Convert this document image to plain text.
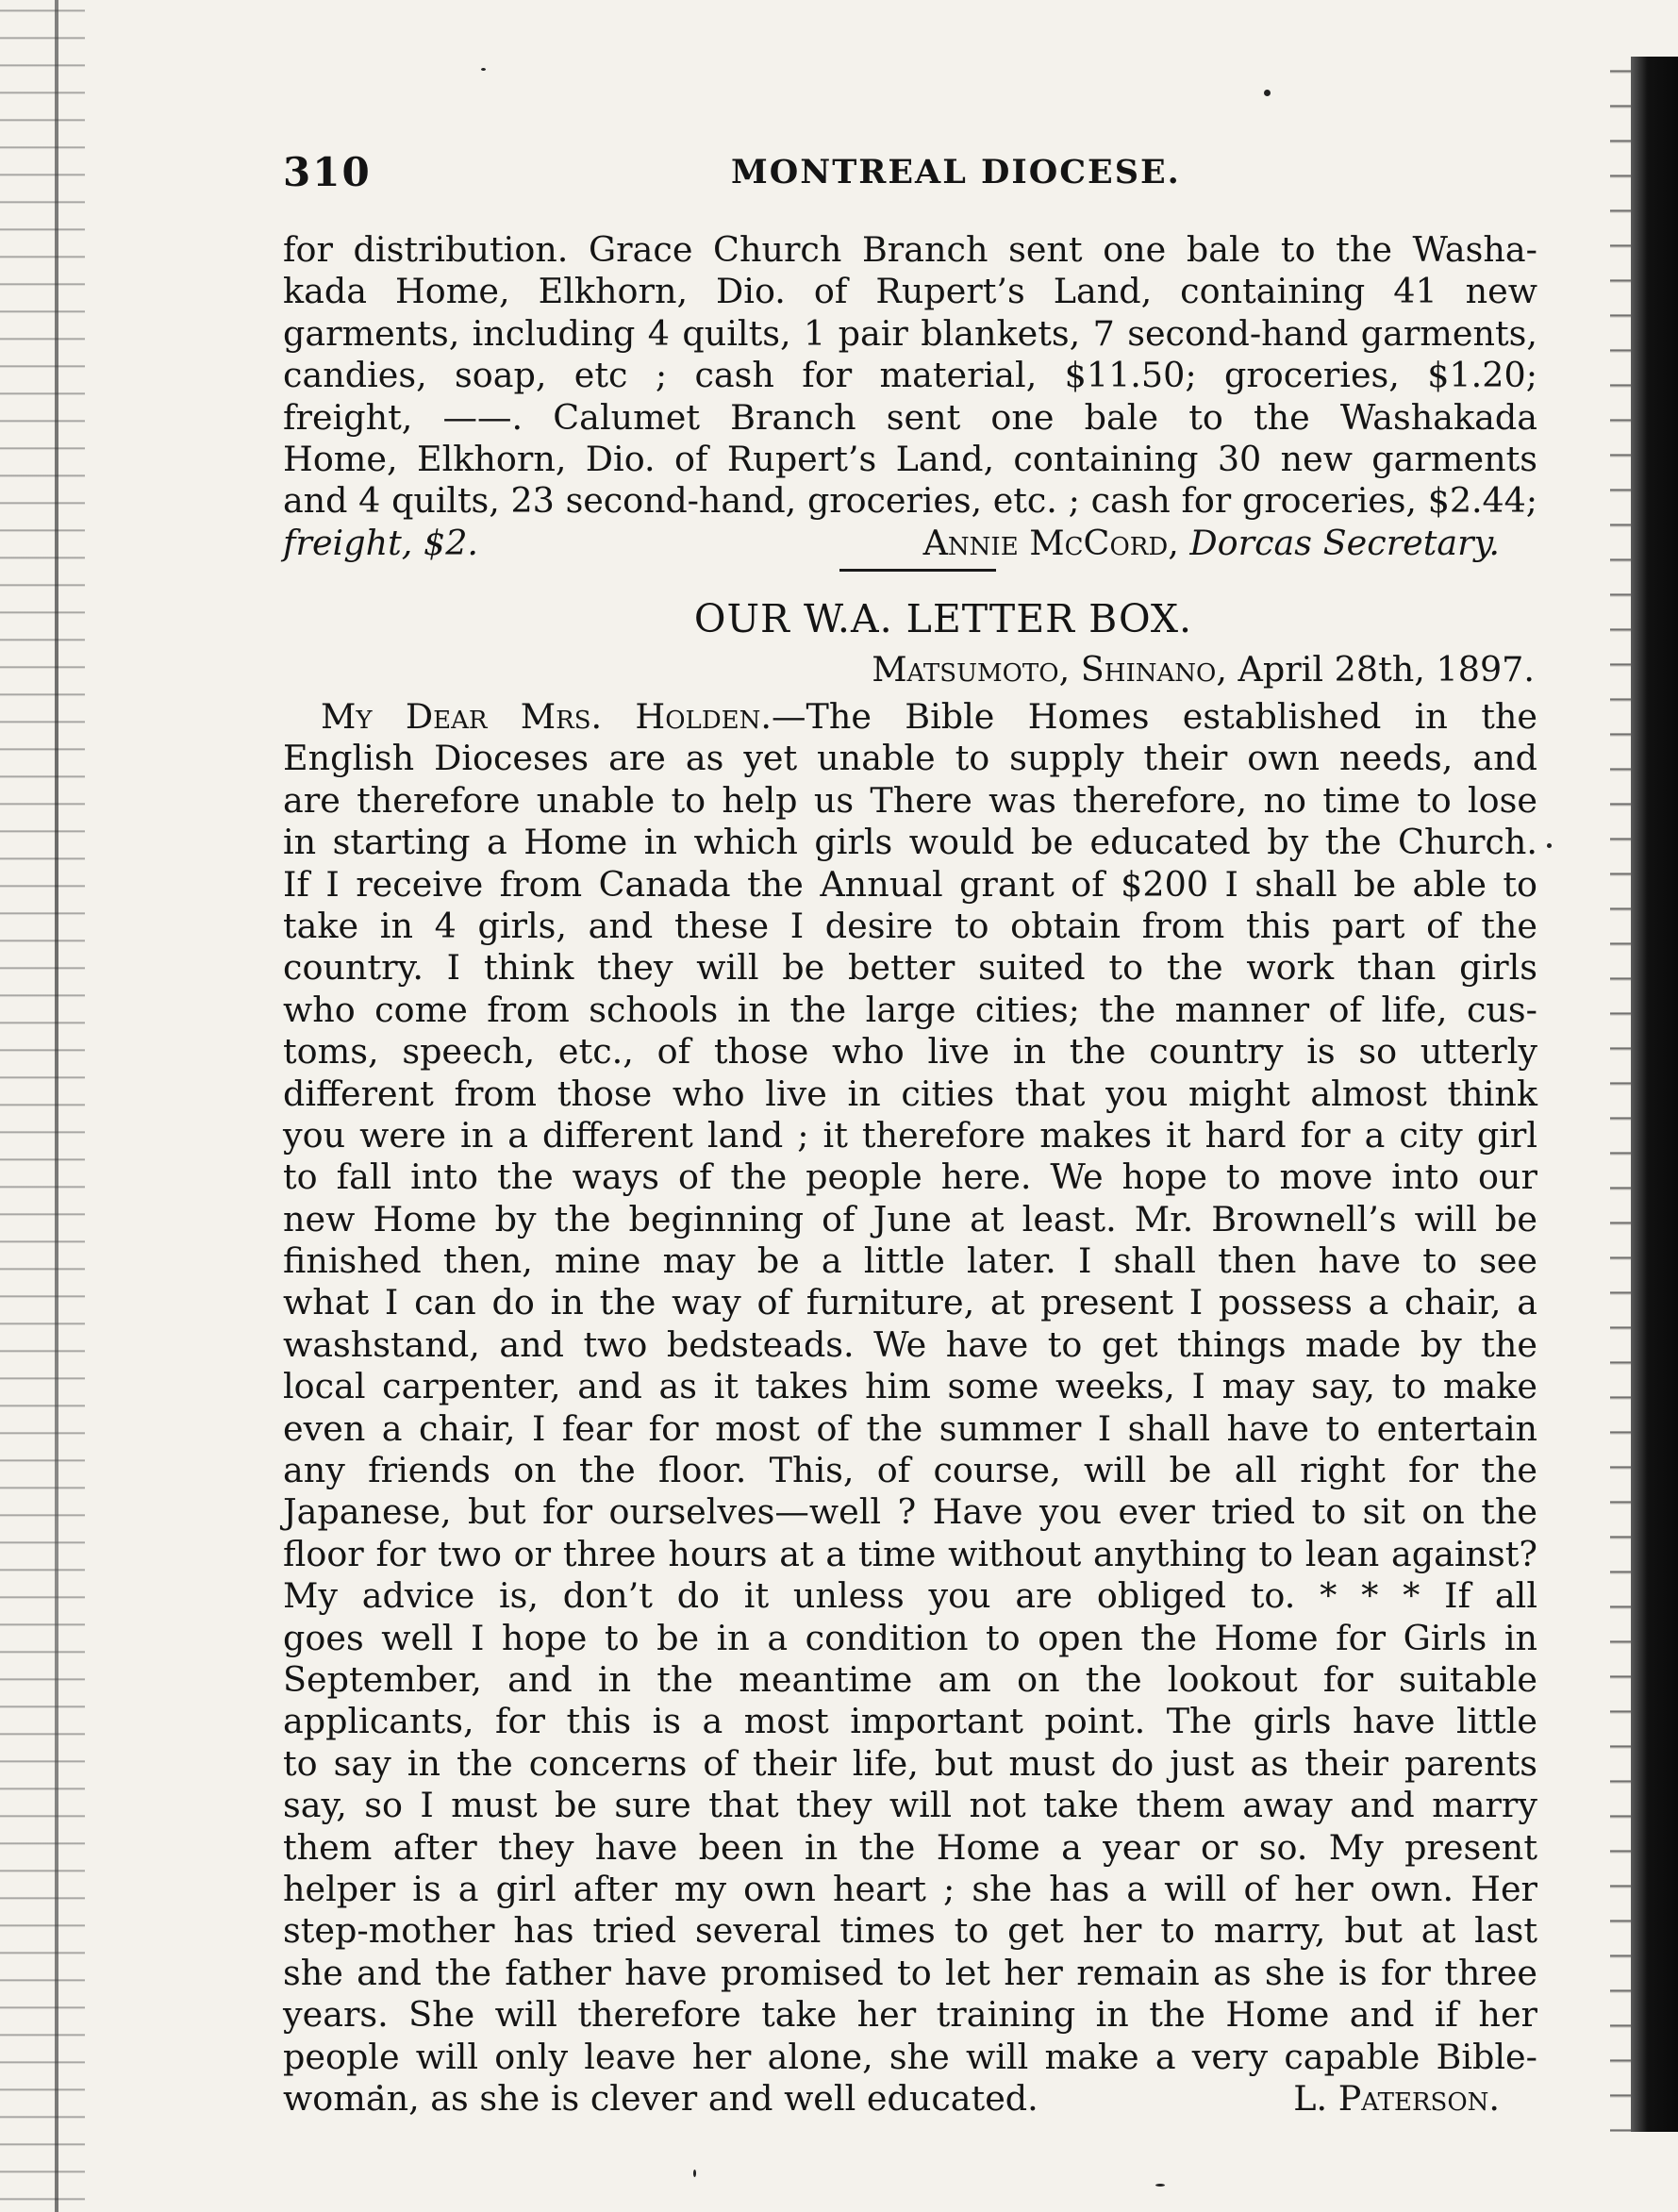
310	MONTREAL DIOCESE.
for distribution. Grace Church Branch sent one bale to the Washa-
kada Home, Elkhorn, Dio. of Rupert’s Land, containing 41 new
garments, including 4 quilts, 1 pair blankets, 7 second-hand garments,
candies, soap, etc ; cash for material, $11.50; groceries, $1.20;
freight, ——. Calumet Branch sent one bale to the Washakada
Home, Elkhorn, Dio. of Rupert’s Land, containing 30 new garments
and 4 quilts, 23 second-hand, groceries, etc. ; cash for groceries, $2.44;
freight, $2.	Annie McCord, Dorcas Secretary.
OUR W.A. LETTER BOX.
Matsumoto, Shinano, April 28th, 1897.
My Dear Mrs. Holden.—The Bible Homes established in the
English Dioceses are as yet unable to supply their own needs, and
are therefore unable to help us There was therefore, no time to lose
in starting a Home in which girls would be educated by the Church.
If I receive from Canada the Annual grant of $200 I shall be able to
take in 4 girls, and these I desire to obtain from this part of the
country. I think they will be better suited to the work than girls
who come from schools in the large cities; the manner of life, cus-
toms, speech, etc., of those who live in the country is so utterly
different from those who live in cities that you might almost think
you were in a different land ; it therefore makes it hard for a city girl
to fall into the ways of the people here. We hope to move into our
new Home by the beginning of June at least. Mr. Brownell’s will be
finished then, mine may be a little later. I shall then have to see
what I can do in the way of furniture, at present I possess a chair, a
washstand, and two bedsteads. We have to get things made by the
local carpenter, and as it takes him some weeks, I may say, to make
even a chair, I fear for most of the summer I shall have to entertain
any friends on the floor. This, of course, will be all right for the
Japanese, but for ourselves—well ? Have you ever tried to sit on the
floor for two or three hours at a time without anything to lean against?
My advice is, don’t do it unless you are obliged to. * * * If all
goes well I hope to be in a condition to open the Home for Girls in
September, and in the meantime am on the lookout for suitable
applicants, for this is a most important point. The girls have little
to say in the concerns of their life, but must do just as their parents
say, so I must be sure that they will not take them away and marry
them after they have been in the Home a year or so. My present
helper is a girl after my own heart ; she has a will of her own. Her
step-mother has tried several times to get her to marry, but at last
she and the father have promised to let her remain as she is for three
years. She will therefore take her training in the Home and if her
people will only leave her alone, she will make a very capable Bible-
woman, as she is clever and well educated.	L. Paterson.
